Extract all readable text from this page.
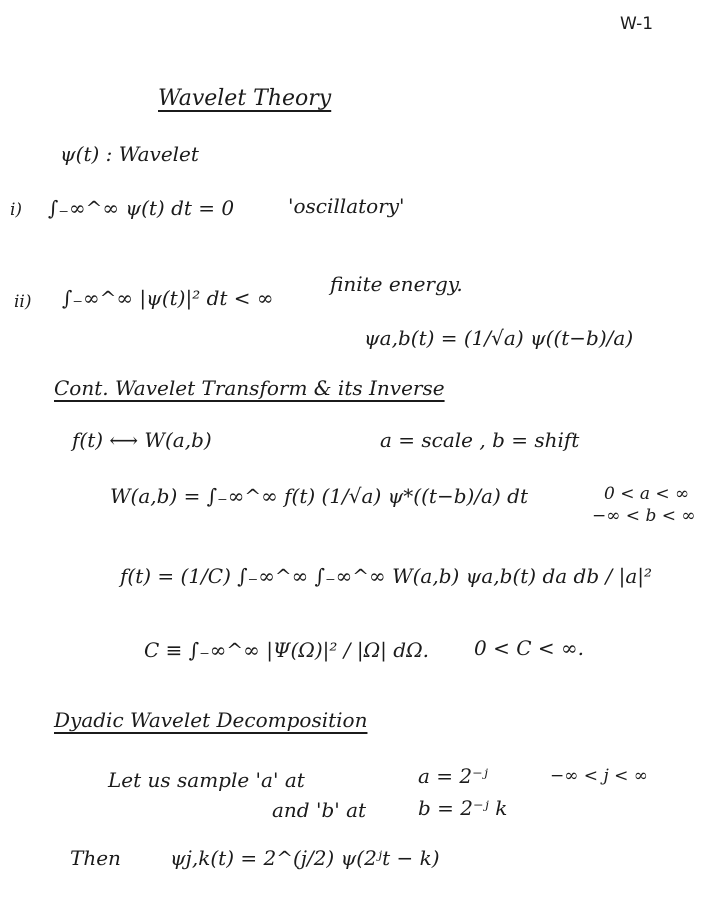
W-1
Wavelet Theory
ψ(t) : Wavelet
i) ∫₋∞^∞ ψ(t) dt = 0	'oscillatory'
ii) ∫₋∞^∞ |ψ(t)|² dt < ∞
finite energy.
ψa,b(t) = (1/√a) ψ((t−b)/a)
Cont. Wavelet Transform & its Inverse
f(t) ⟷ W(a,b)	a = scale , b = shift
W(a,b) = ∫₋∞^∞ f(t) (1/√a) ψ*((t−b)/a) dt	0 < a < ∞
−∞ < b < ∞
f(t) = (1/C) ∫₋∞^∞ ∫₋∞^∞ W(a,b) ψa,b(t) da db / |a|²
C ≡ ∫₋∞^∞ |Ψ(Ω)|² / |Ω| dΩ. 0 < C < ∞.
Dyadic Wavelet Decomposition
Let us sample 'a' at	a = 2⁻ʲ	−∞ < j < ∞
and 'b' at	b = 2⁻ʲ k
Then ψj,k(t) = 2^(j/2) ψ(2ʲt − k)
